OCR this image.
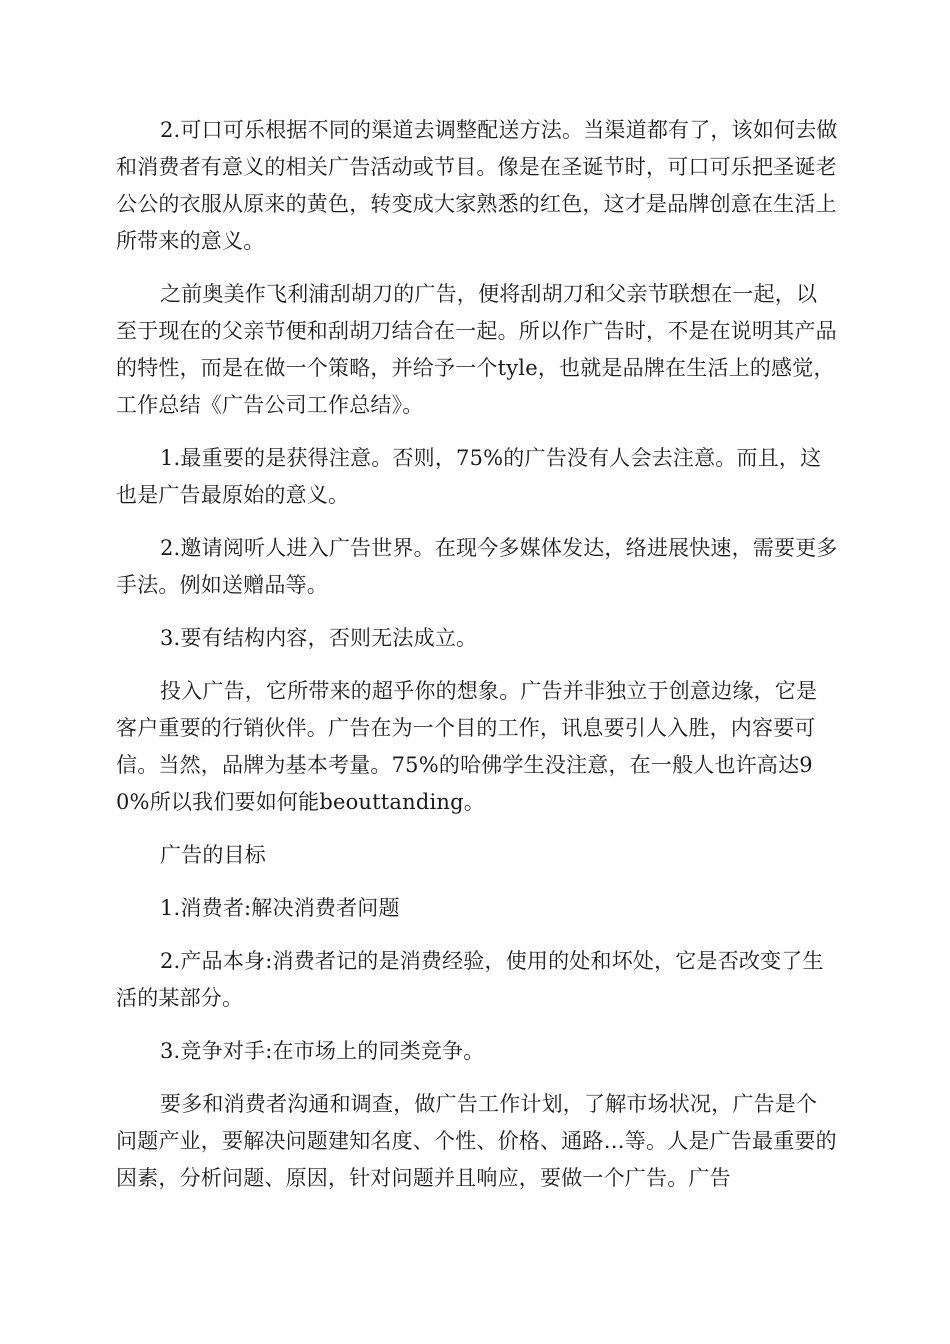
2.可口可乐根据不同的渠道去调整配送方法。当渠道都有了，该如何去做和消费者有意义的相关广告活动或节目。像是在圣诞节时，可口可乐把圣诞老公公的衣服从原来的黄色，转变成大家熟悉的红色，这才是品牌创意在生活上所带来的意义。

之前奥美作飞利浦刮胡刀的广告，便将刮胡刀和父亲节联想在一起，以至于现在的父亲节便和刮胡刀结合在一起。所以作广告时，不是在说明其产品的特性，而是在做一个策略，并给予一个tyle，也就是品牌在生活上的感觉，工作总结《广告公司工作总结》。

1.最重要的是获得注意。否则，75%的广告没有人会去注意。而且，这也是广告最原始的意义。

2.邀请阅听人进入广告世界。在现今多媒体发达，络进展快速，需要更多手法。例如送赠品等。

3.要有结构内容，否则无法成立。

投入广告，它所带来的超乎你的想象。广告并非独立于创意边缘，它是客户重要的行销伙伴。广告在为一个目的工作，讯息要引人入胜，内容要可信。当然，品牌为基本考量。75%的哈佛学生没注意，在一般人也许高达90%所以我们要如何能beouttanding。

广告的目标

1.消费者:解决消费者问题

2.产品本身:消费者记的是消费经验，使用的处和坏处，它是否改变了生活的某部分。

3.竞争对手:在市场上的同类竞争。

要多和消费者沟通和调查，做广告工作计划，了解市场状况，广告是个问题产业，要解决问题建知名度、个性、价格、通路…等。人是广告最重要的因素，分析问题、原因，针对问题并且响应，要做一个广告。广告
